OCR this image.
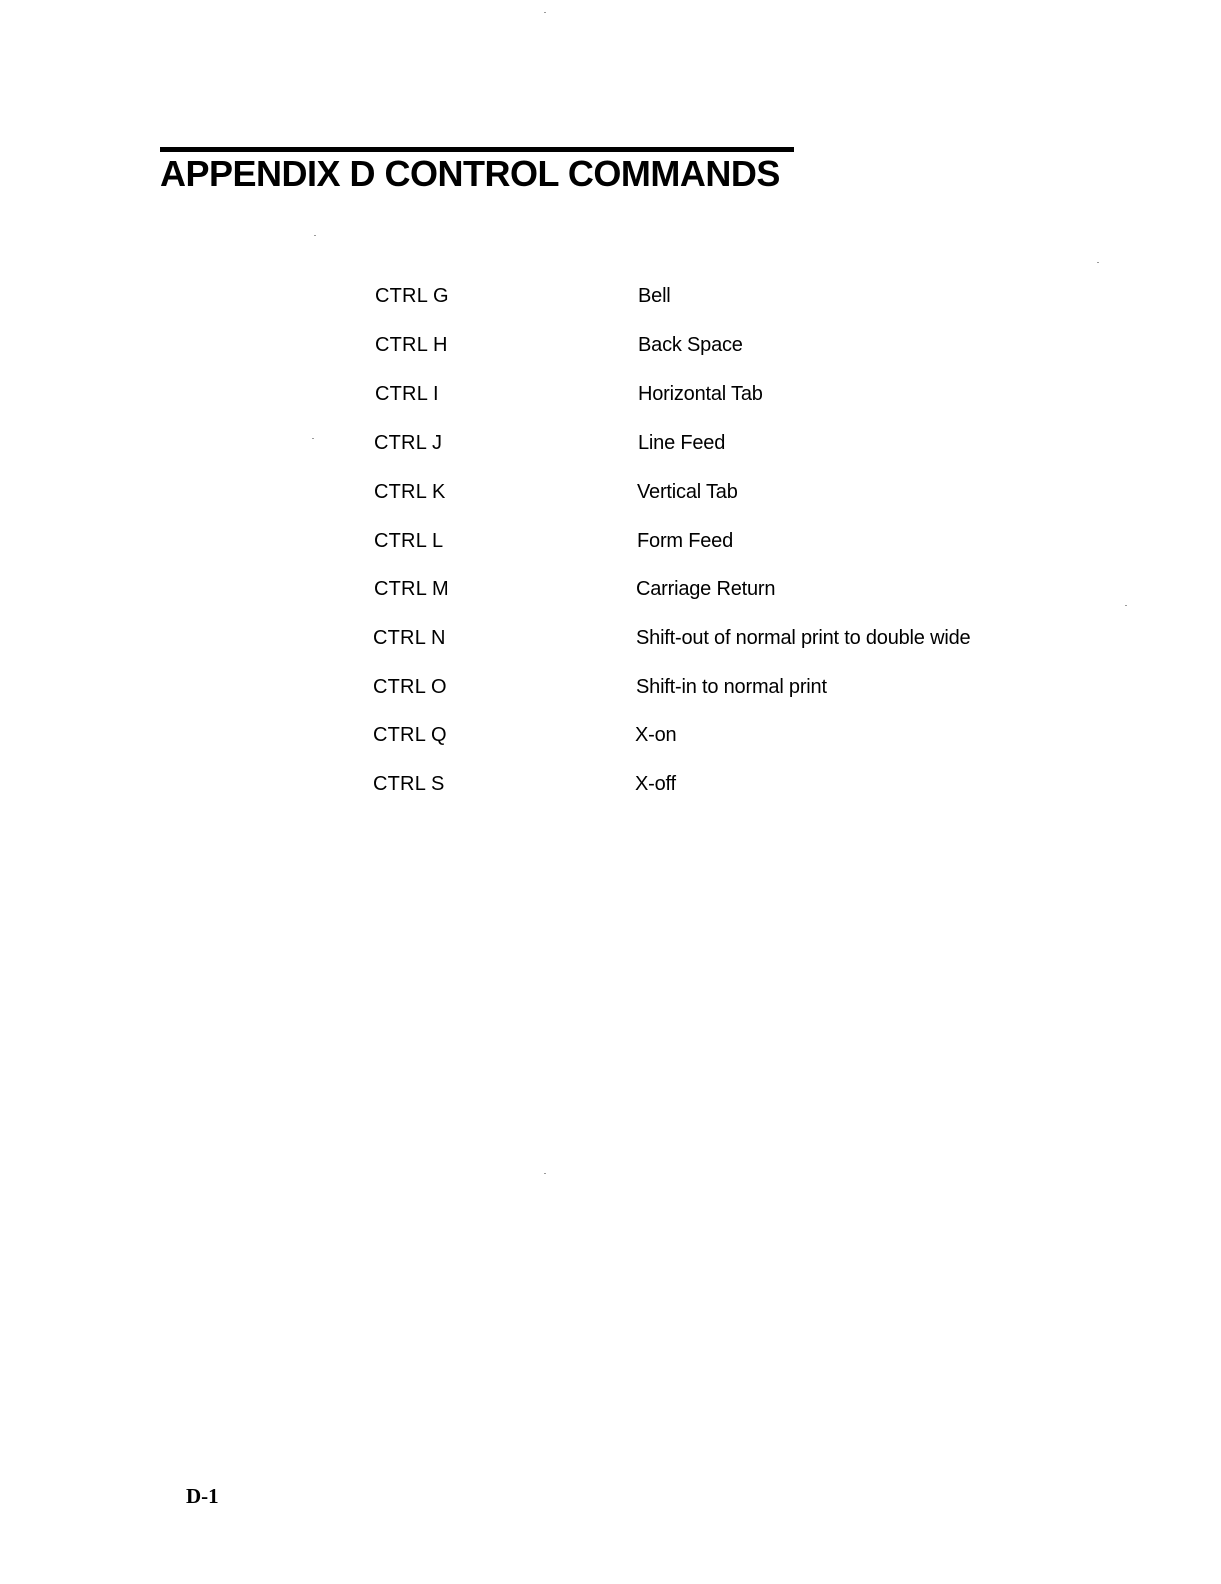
APPENDIX D CONTROL COMMANDS
CTRL G	Bell
CTRL H	Back Space
CTRL I	Horizontal Tab
CTRL J	Line Feed
CTRL K	Vertical Tab
CTRL L	Form Feed
CTRL M	Carriage Return
CTRL N	Shift-out of normal print to double wide
CTRL O	Shift-in to normal print
CTRL Q	X-on
CTRL S	X-off
D-1
